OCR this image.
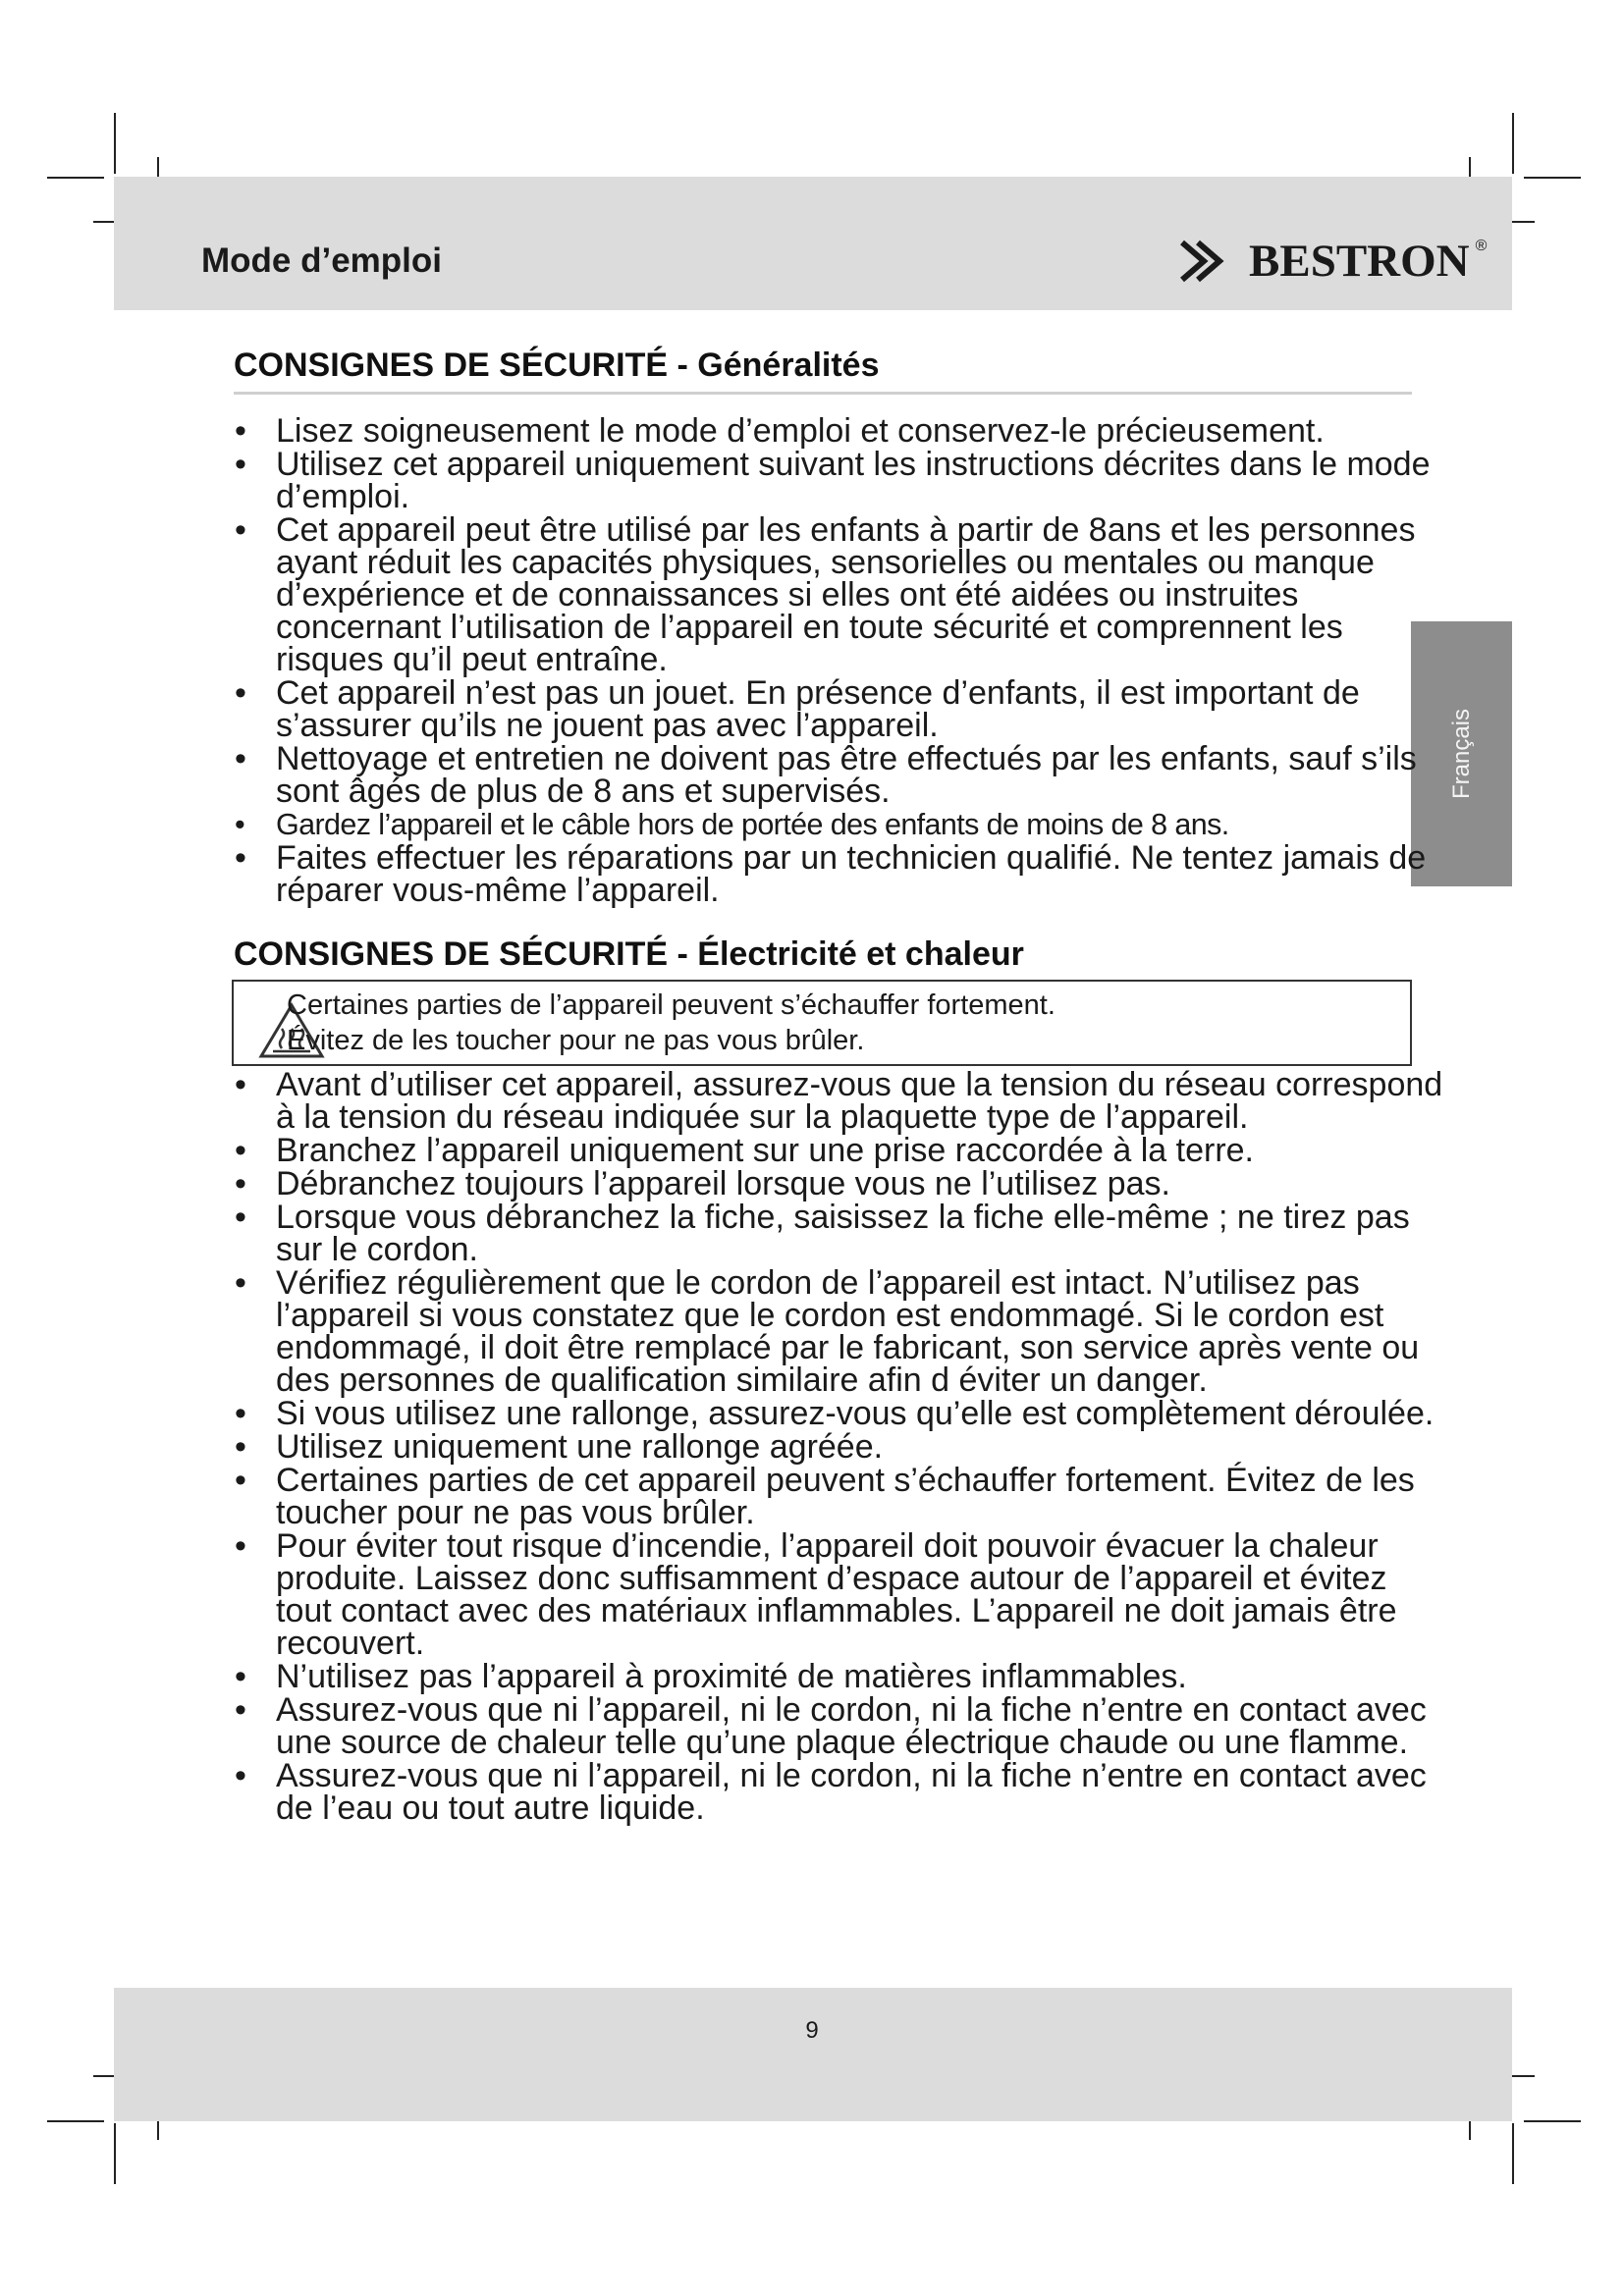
Mode d’emploi	BESTRON ®
Français
CONSIGNES DE SÉCURITÉ - Généralités
• Lisez soigneusement le mode d’emploi et conservez-le précieusement.
• Utilisez cet appareil uniquement suivant les instructions décrites dans le mode d’emploi.
• Cet appareil peut être utilisé par les enfants à partir de 8ans et les personnes ayant réduit les capacités physiques, sensorielles ou mentales ou manque d’expérience et de connaissances si elles ont été aidées ou instruites concernant l’utilisation de l’appareil en toute sécurité et comprennent les risques qu’il peut entraîne.
• Cet appareil n’est pas un jouet. En présence d’enfants, il est important de s’assurer qu’ils ne jouent pas avec l’appareil.
• Nettoyage et entretien ne doivent pas être effectués par les enfants, sauf s’ils sont âgés de plus de 8 ans et supervisés.
• Gardez l’appareil et le câble hors de portée des enfants de moins de 8 ans.
• Faites effectuer les réparations par un technicien qualifié. Ne tentez jamais de réparer vous-même l’appareil.
CONSIGNES DE SÉCURITÉ - Électricité et chaleur
Certaines parties de l’appareil peuvent s’échauffer fortement.
Évitez de les toucher pour ne pas vous brûler.
• Avant d’utiliser cet appareil, assurez-vous que la tension du réseau correspond à la tension du réseau indiquée sur la plaquette type de l’appareil.
• Branchez l’appareil uniquement sur une prise raccordée à la terre.
• Débranchez toujours l’appareil lorsque vous ne l’utilisez pas.
• Lorsque vous débranchez la fiche, saisissez la fiche elle-même ; ne tirez pas sur le cordon.
• Vérifiez régulièrement que le cordon de l’appareil est intact. N’utilisez pas l’appareil si vous constatez que le cordon est endommagé. Si le cordon est endommagé, il doit être remplacé par le fabricant, son service après vente ou des personnes de qualification similaire afin d éviter un danger.
• Si vous utilisez une rallonge, assurez-vous qu’elle est complètement déroulée.
• Utilisez uniquement une rallonge agréée.
• Certaines parties de cet appareil peuvent s’échauffer fortement. Évitez de les toucher pour ne pas vous brûler.
• Pour éviter tout risque d’incendie, l’appareil doit pouvoir évacuer la chaleur produite. Laissez donc suffisamment d’espace autour de l’appareil et évitez tout contact avec des matériaux inflammables. L’appareil ne doit jamais être recouvert.
• N’utilisez pas l’appareil à proximité de matières inflammables.
• Assurez-vous que ni l’appareil, ni le cordon, ni la fiche n’entre en contact avec une source de chaleur telle qu’une plaque électrique chaude ou une flamme.
• Assurez-vous que ni l’appareil, ni le cordon, ni la fiche n’entre en contact avec de l’eau ou tout autre liquide.
9
